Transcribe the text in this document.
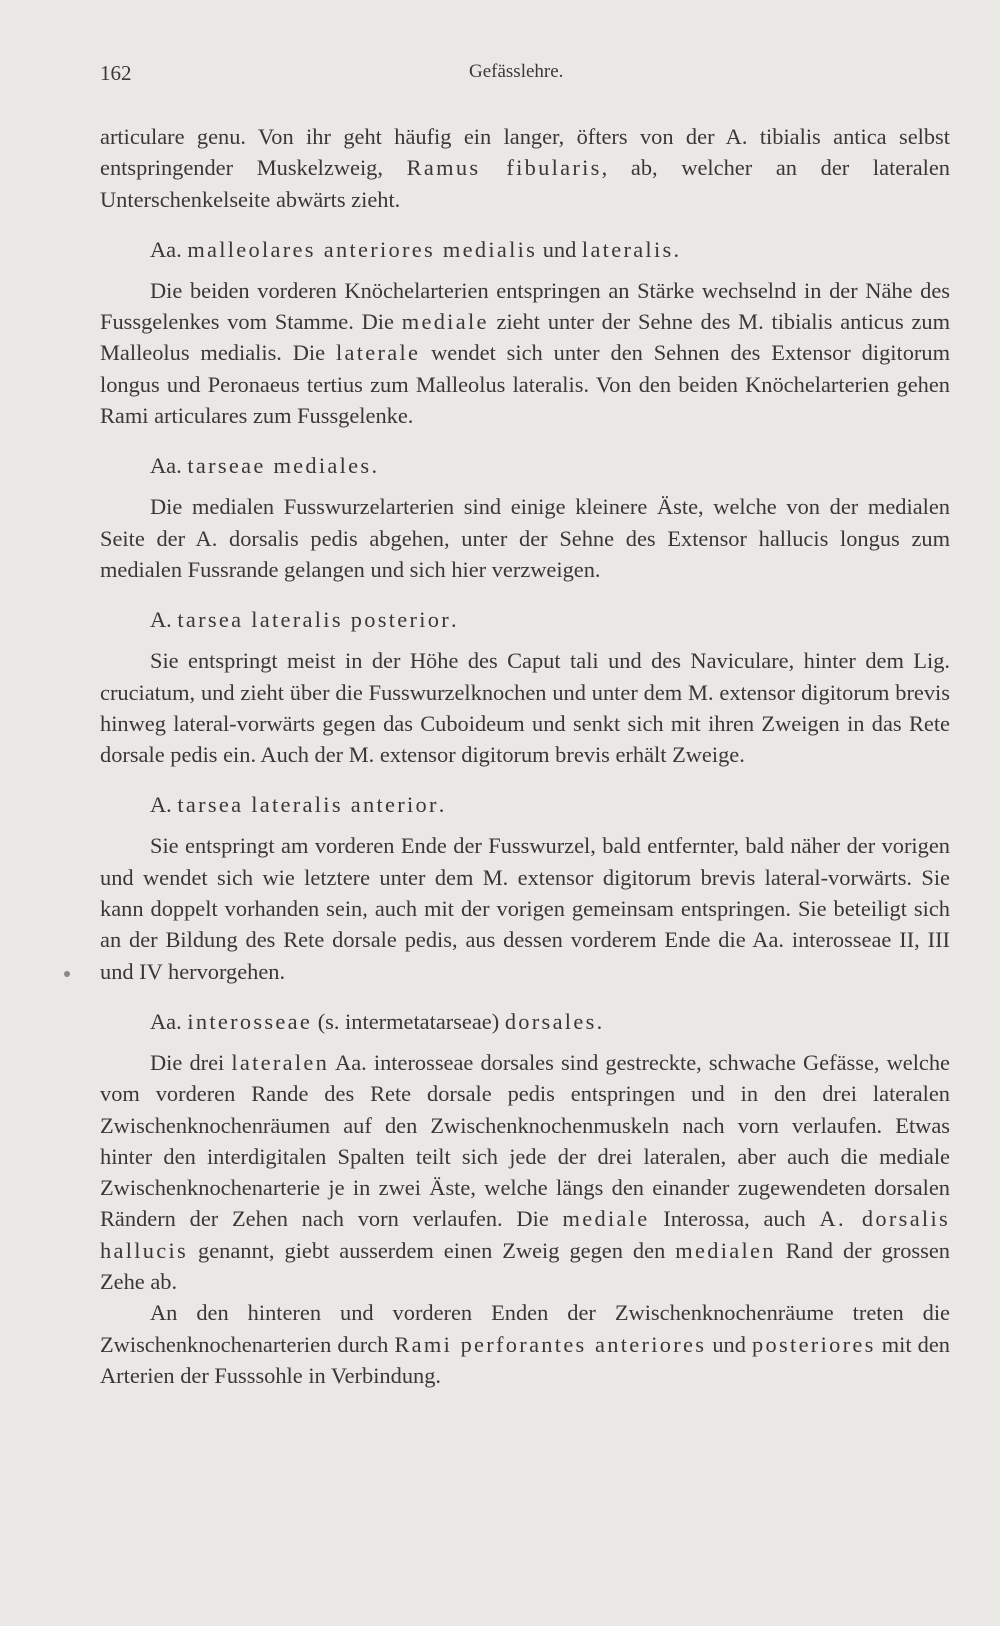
162	Gefässlehre.

articulare genu. Von ihr geht häufig ein langer, öfters von der A. tibialis antica selbst entspringender Muskelzweig, Ramus fibularis, ab, welcher an der lateralen Unterschenkelseite abwärts zieht.

Aa. malleolares anteriores medialis und lateralis.

Die beiden vorderen Knöchelarterien entspringen an Stärke wechselnd in der Nähe des Fussgelenkes vom Stamme. Die mediale zieht unter der Sehne des M. tibialis anticus zum Malleolus medialis. Die laterale wendet sich unter den Sehnen des Extensor digitorum longus und Peronaeus tertius zum Malleolus lateralis. Von den beiden Knöchelarterien gehen Rami articulares zum Fussgelenke.

Aa. tarseae mediales.

Die medialen Fusswurzelarterien sind einige kleinere Äste, welche von der medialen Seite der A. dorsalis pedis abgehen, unter der Sehne des Extensor hallucis longus zum medialen Fussrande gelangen und sich hier verzweigen.

A. tarsea lateralis posterior.

Sie entspringt meist in der Höhe des Caput tali und des Naviculare, hinter dem Lig. cruciatum, und zieht über die Fusswurzelknochen und unter dem M. extensor digitorum brevis hinweg lateral-vorwärts gegen das Cuboideum und senkt sich mit ihren Zweigen in das Rete dorsale pedis ein. Auch der M. extensor digitorum brevis erhält Zweige.

A. tarsea lateralis anterior.

Sie entspringt am vorderen Ende der Fusswurzel, bald entfernter, bald näher der vorigen und wendet sich wie letztere unter dem M. extensor digitorum brevis lateral-vorwärts. Sie kann doppelt vorhanden sein, auch mit der vorigen gemeinsam entspringen. Sie beteiligt sich an der Bildung des Rete dorsale pedis, aus dessen vorderem Ende die Aa. interosseae II, III und IV hervorgehen.

Aa. interosseae (s. intermetatarseae) dorsales.

Die drei lateralen Aa. interosseae dorsales sind gestreckte, schwache Gefässe, welche vom vorderen Rande des Rete dorsale pedis entspringen und in den drei lateralen Zwischenknochenräumen auf den Zwischenknochenmuskeln nach vorn verlaufen. Etwas hinter den interdigitalen Spalten teilt sich jede der drei lateralen, aber auch die mediale Zwischenknochenarterie je in zwei Äste, welche längs den einander zugewendeten dorsalen Rändern der Zehen nach vorn verlaufen. Die mediale Interossa, auch A. dorsalis hallucis genannt, giebt ausserdem einen Zweig gegen den medialen Rand der grossen Zehe ab.

An den hinteren und vorderen Enden der Zwischenknochenräume treten die Zwischenknochenarterien durch Rami perforantes anteriores und posteriores mit den Arterien der Fusssohle in Verbindung.
